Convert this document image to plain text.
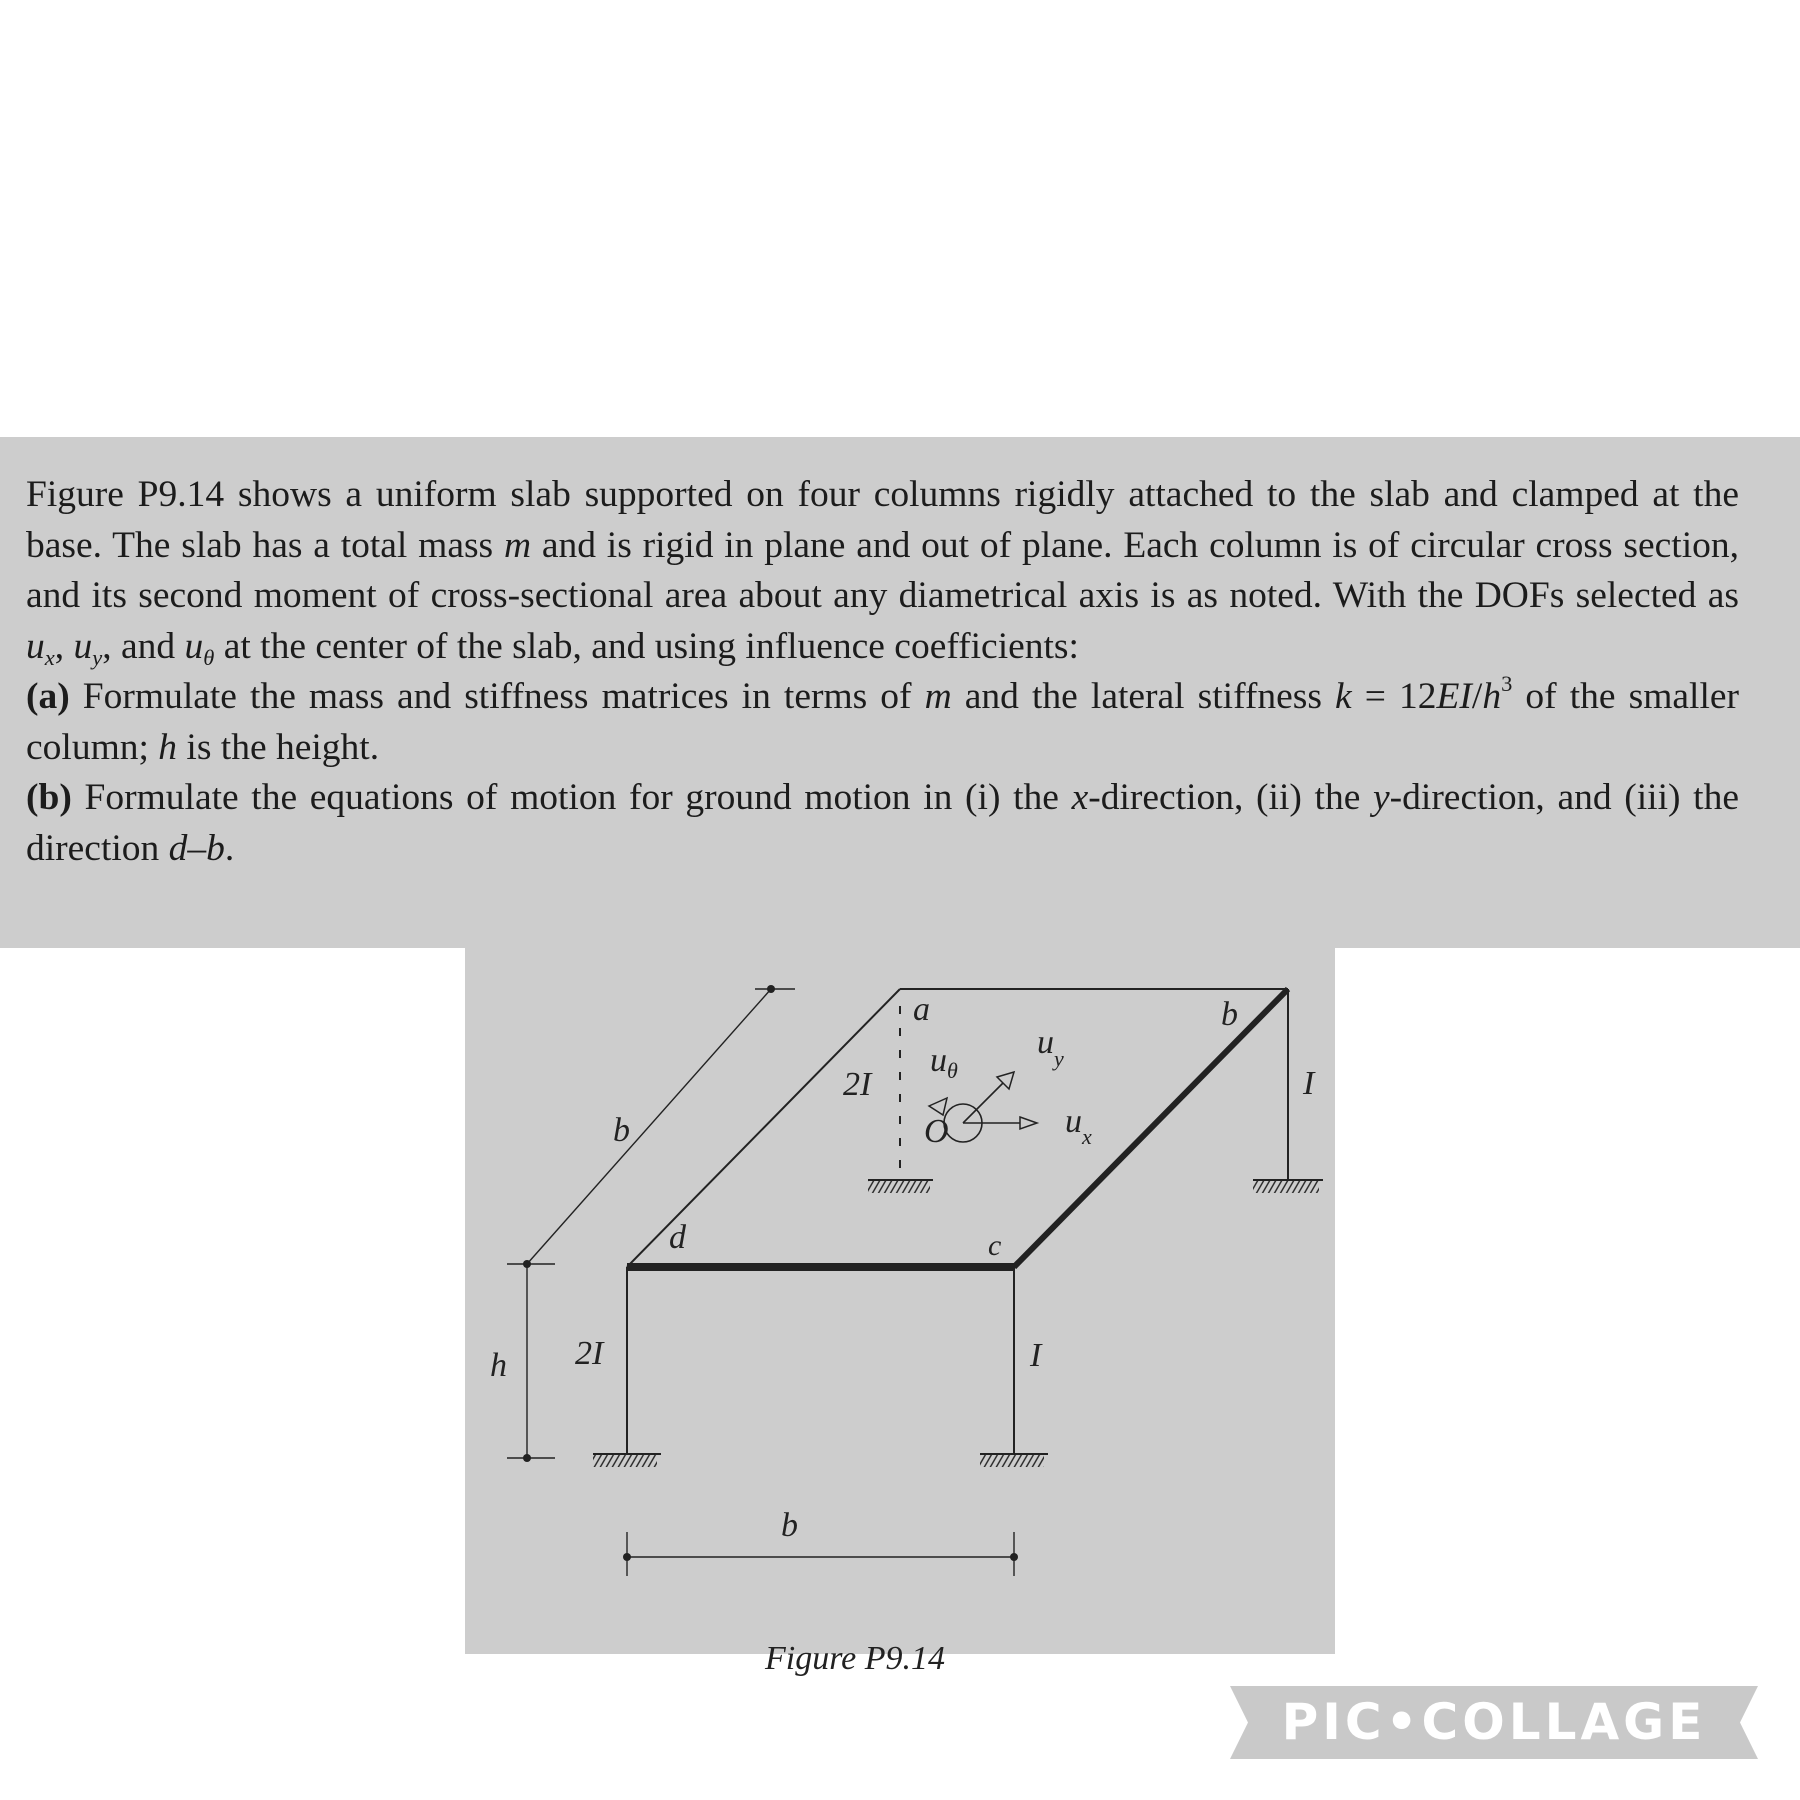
Figure P9.14 shows a uniform slab supported on four columns rigidly attached to the slab and clamped at the base. The slab has a total mass m and is rigid in plane and out of plane. Each column is of circular cross section, and its second moment of cross-sectional area about any diametrical axis is as noted. With the DOFs selected as $u_x$, $u_y$, and $u_\theta$ at the center of the slab, and using influence coefficients:

(a) Formulate the mass and stiffness matrices in terms of m and the lateral stiffness $k = 12EI/h^3$ of the smaller column; h is the height.

(b) Formulate the equations of motion for ground motion in (i) the x-direction, (ii) the y-direction, and (iii) the direction d–b.

a	b
I
2I
$u_\theta$
$u_y$
$u_x$
O
b
d	c
h 2I	I
b
Figure P9.14
PIC•COLLAGE
